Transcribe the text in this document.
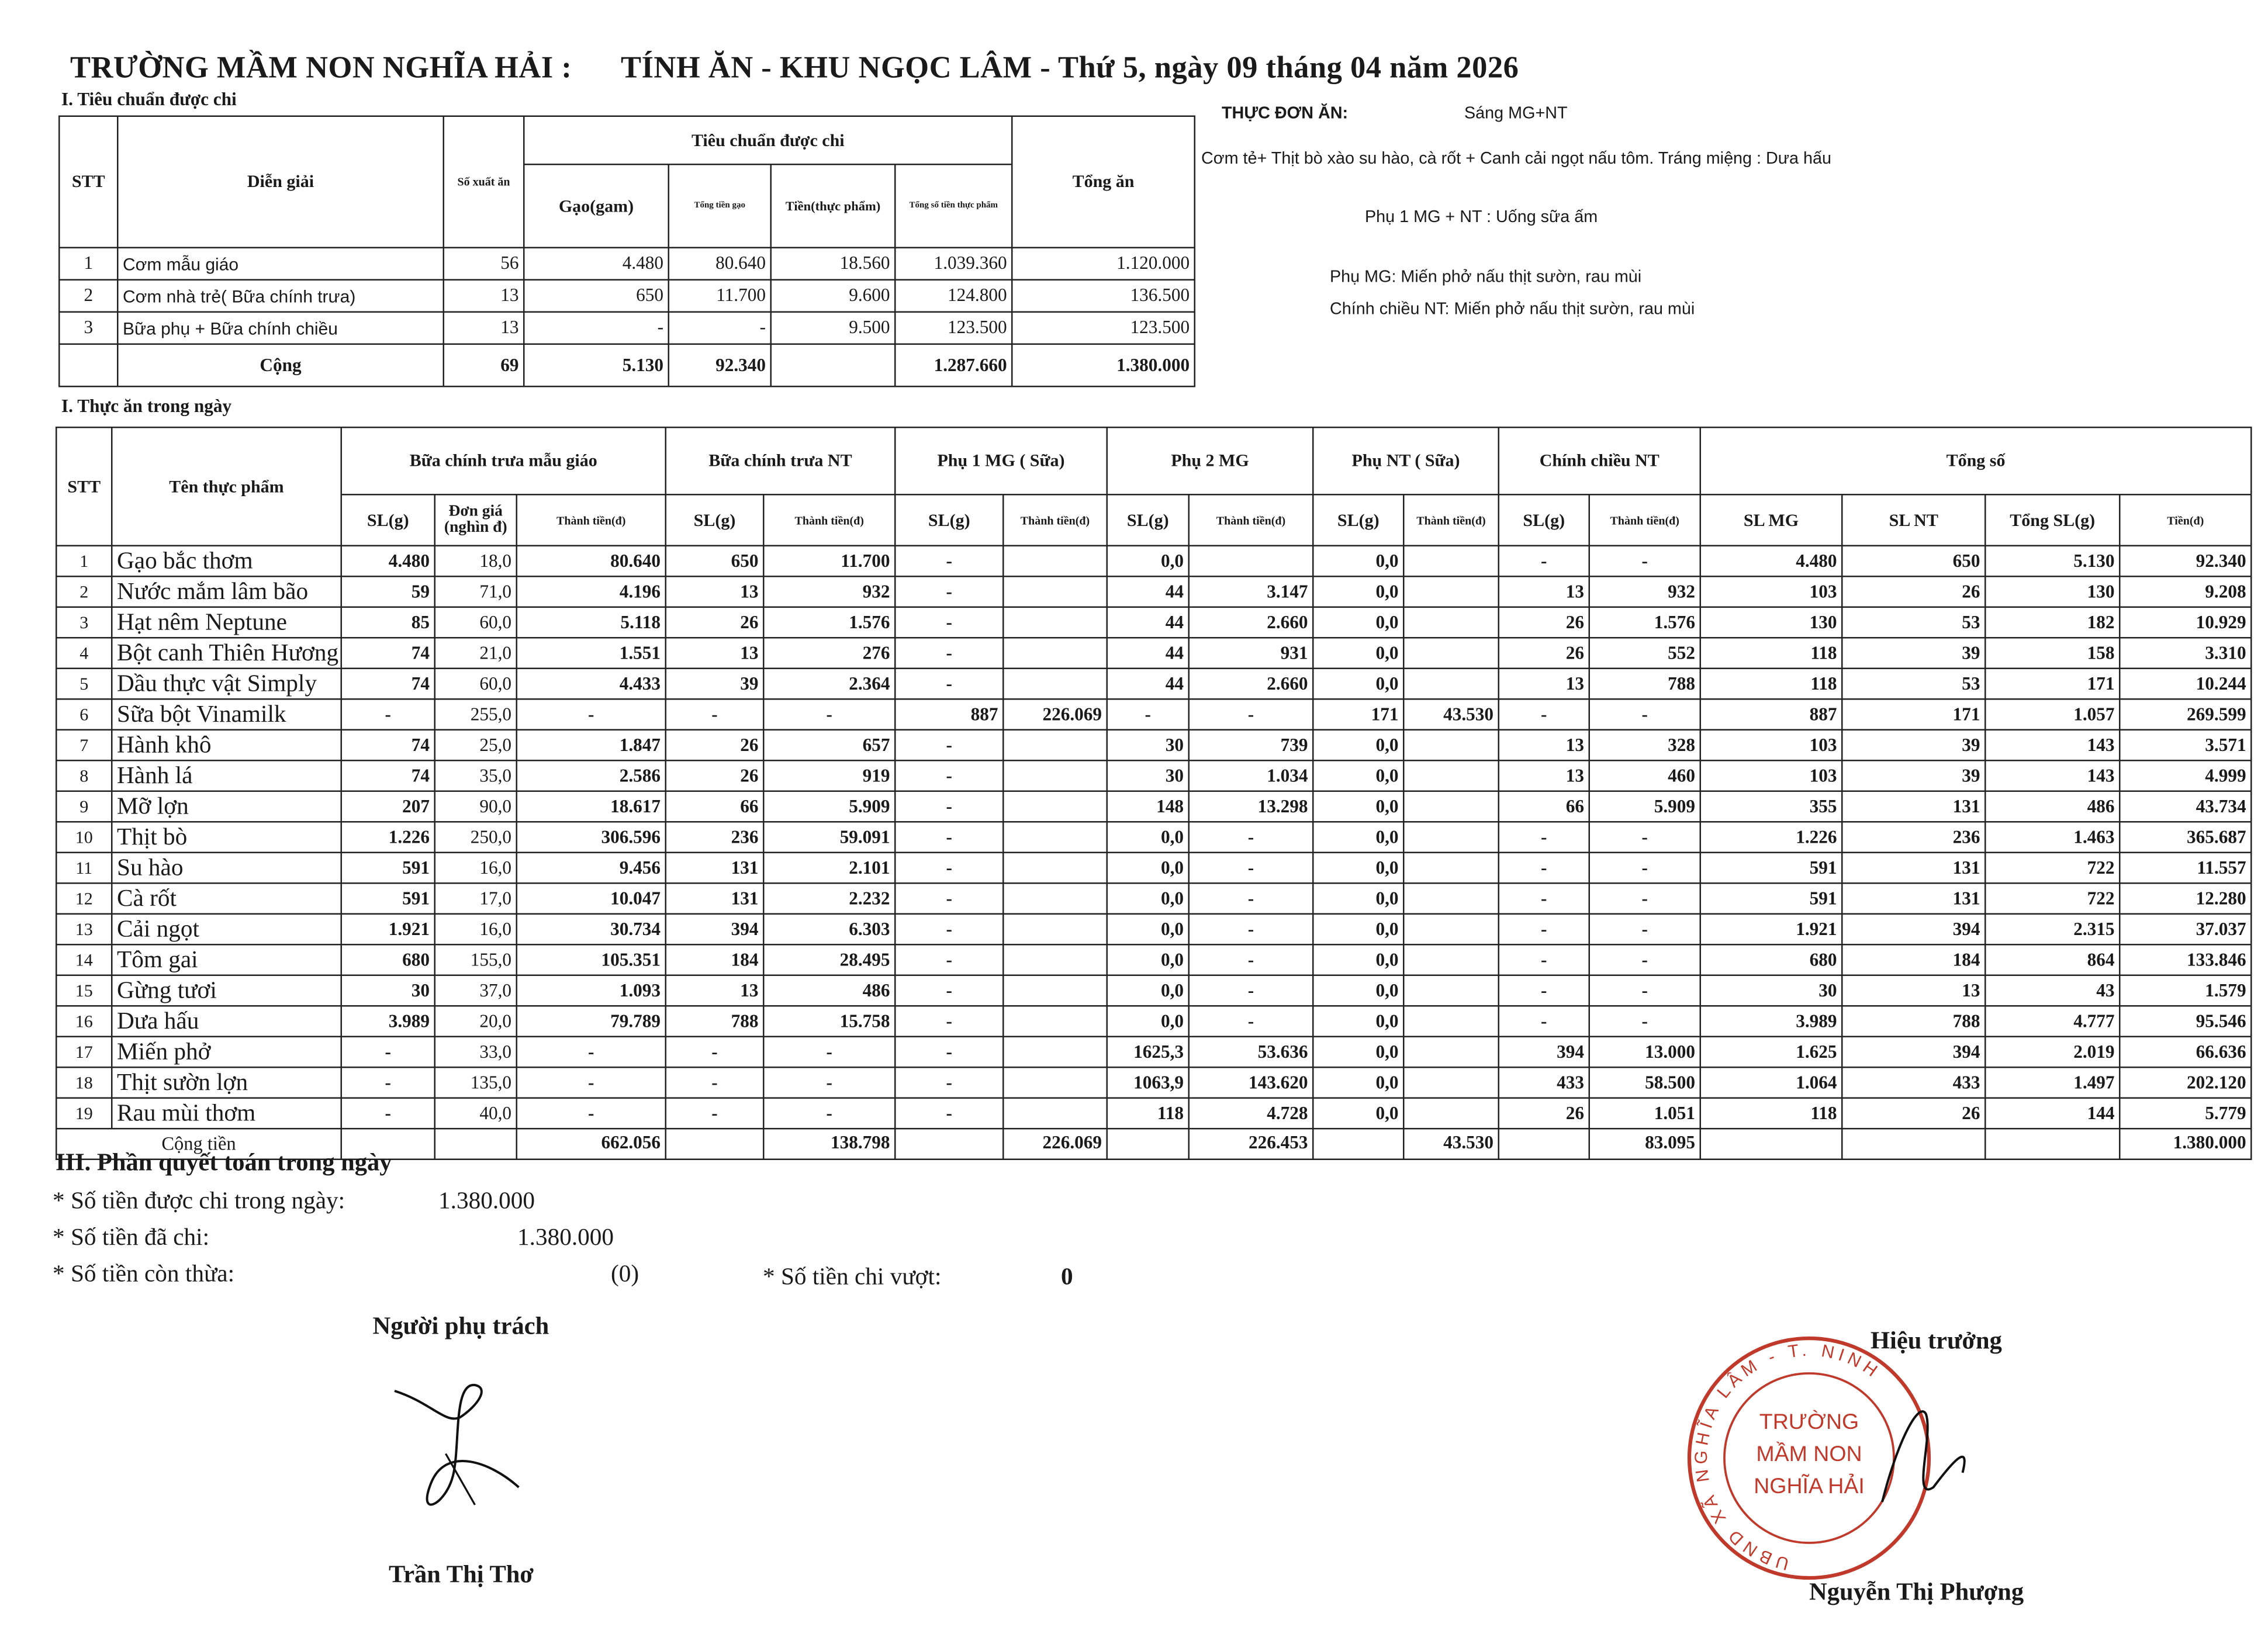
TRƯỜNG MẦM NON NGHĨA HẢI :	TÍNH ĂN - KHU NGỌC LÂM - Thứ 5, ngày 09 tháng 04 năm 2026
I. Tiêu chuẩn được chi
STT	Diễn giải	Số xuất ăn	Tiêu chuẩn được chi				Tổng ăn
			Gạo(gam)	Tổng tiền gạo	Tiền(thực phẩm)	Tổng số tiền thực phẩm	
1	Cơm mẫu giáo	56	4.480	80.640	18.560	1.039.360	1.120.000
2	Cơm nhà trẻ( Bữa chính trưa)	13	650	11.700	9.600	124.800	136.500
3	Bữa phụ + Bữa chính chiều	13	-	-	9.500	123.500	123.500
	Cộng	69	5.130	92.340		1.287.660	1.380.000
THỰC ĐƠN ĂN:	Sáng MG+NT
Cơm tẻ+ Thịt bò xào su hào, cà rốt + Canh cải ngọt nấu tôm. Tráng miệng : Dưa hấu
Phụ 1 MG + NT : Uống sữa ấm
Phụ MG: Miến phở nấu thịt sườn, rau mùi
Chính chiều NT: Miến phở nấu thịt sườn, rau mùi
I. Thực ăn trong ngày
STT	Tên thực phẩm	Bữa chính trưa mẫu giáo			Bữa chính trưa NT		Phụ 1 MG ( Sữa)		Phụ 2 MG		Phụ NT ( Sữa)		Chính chiều NT		Tổng số			
		SL(g)	Đơn giá (nghìn đ)	Thành tiền(đ)	SL(g)	Thành tiền(đ)	SL(g)	Thành tiền(đ)	SL(g)	Thành tiền(đ)	SL(g)	Thành tiền(đ)	SL(g)	Thành tiền(đ)	SL MG	SL NT	Tổng SL(g)	Tiền(đ)
1	Gạo bắc thơm	4.480	18,0	80.640	650	11.700	-		0,0		0,0		-	-	4.480	650	5.130	92.340
2	Nước mắm lâm bão	59	71,0	4.196	13	932	-		44	3.147	0,0		13	932	103	26	130	9.208
3	Hạt nêm Neptune	85	60,0	5.118	26	1.576	-		44	2.660	0,0		26	1.576	130	53	182	10.929
4	Bột canh Thiên Hương	74	21,0	1.551	13	276	-		44	931	0,0		26	552	118	39	158	3.310
5	Dầu thực vật Simply	74	60,0	4.433	39	2.364	-		44	2.660	0,0		13	788	118	53	171	10.244
6	Sữa bột Vinamilk	-	255,0	-	-	-	887	226.069	-	-	171	43.530	-	-	887	171	1.057	269.599
7	Hành khô	74	25,0	1.847	26	657	-		30	739	0,0		13	328	103	39	143	3.571
8	Hành lá	74	35,0	2.586	26	919	-		30	1.034	0,0		13	460	103	39	143	4.999
9	Mỡ lợn	207	90,0	18.617	66	5.909	-		148	13.298	0,0		66	5.909	355	131	486	43.734
10	Thịt bò	1.226	250,0	306.596	236	59.091	-		0,0	-	0,0		-	-	1.226	236	1.463	365.687
11	Su hào	591	16,0	9.456	131	2.101	-		0,0	-	0,0		-	-	591	131	722	11.557
12	Cà rốt	591	17,0	10.047	131	2.232	-		0,0	-	0,0		-	-	591	131	722	12.280
13	Cải ngọt	1.921	16,0	30.734	394	6.303	-		0,0	-	0,0		-	-	1.921	394	2.315	37.037
14	Tôm gai	680	155,0	105.351	184	28.495	-		0,0	-	0,0		-	-	680	184	864	133.846
15	Gừng tươi	30	37,0	1.093	13	486	-		0,0	-	0,0		-	-	30	13	43	1.579
16	Dưa hấu	3.989	20,0	79.789	788	15.758	-		0,0	-	0,0		-	-	3.989	788	4.777	95.546
17	Miến phở	-	33,0	-	-	-	-		1625,3	53.636	0,0		394	13.000	1.625	394	2.019	66.636
18	Thịt sườn lợn	-	135,0	-	-	-	-		1063,9	143.620	0,0		433	58.500	1.064	433	1.497	202.120
19	Rau mùi thơm	-	40,0	-	-	-	-		118	4.728	0,0		26	1.051	118	26	144	5.779
Cộng tiền				662.056		138.798		226.069		226.453		43.530		83.095				1.380.000
III. Phần quyết toán trong ngày
* Số tiền được chi trong ngày:	1.380.000
* Số tiền đã chi:	1.380.000
* Số tiền còn thừa:	(0)	* Số tiền chi vượt:	0
Người phụ trách
Trần Thị Thơ
Hiệu trưởng
UBND XÃ NGHĨA LÂM - T. NINH
TRƯỜNG
MẦM NON
NGHĨA HẢI
Nguyễn Thị Phượng
